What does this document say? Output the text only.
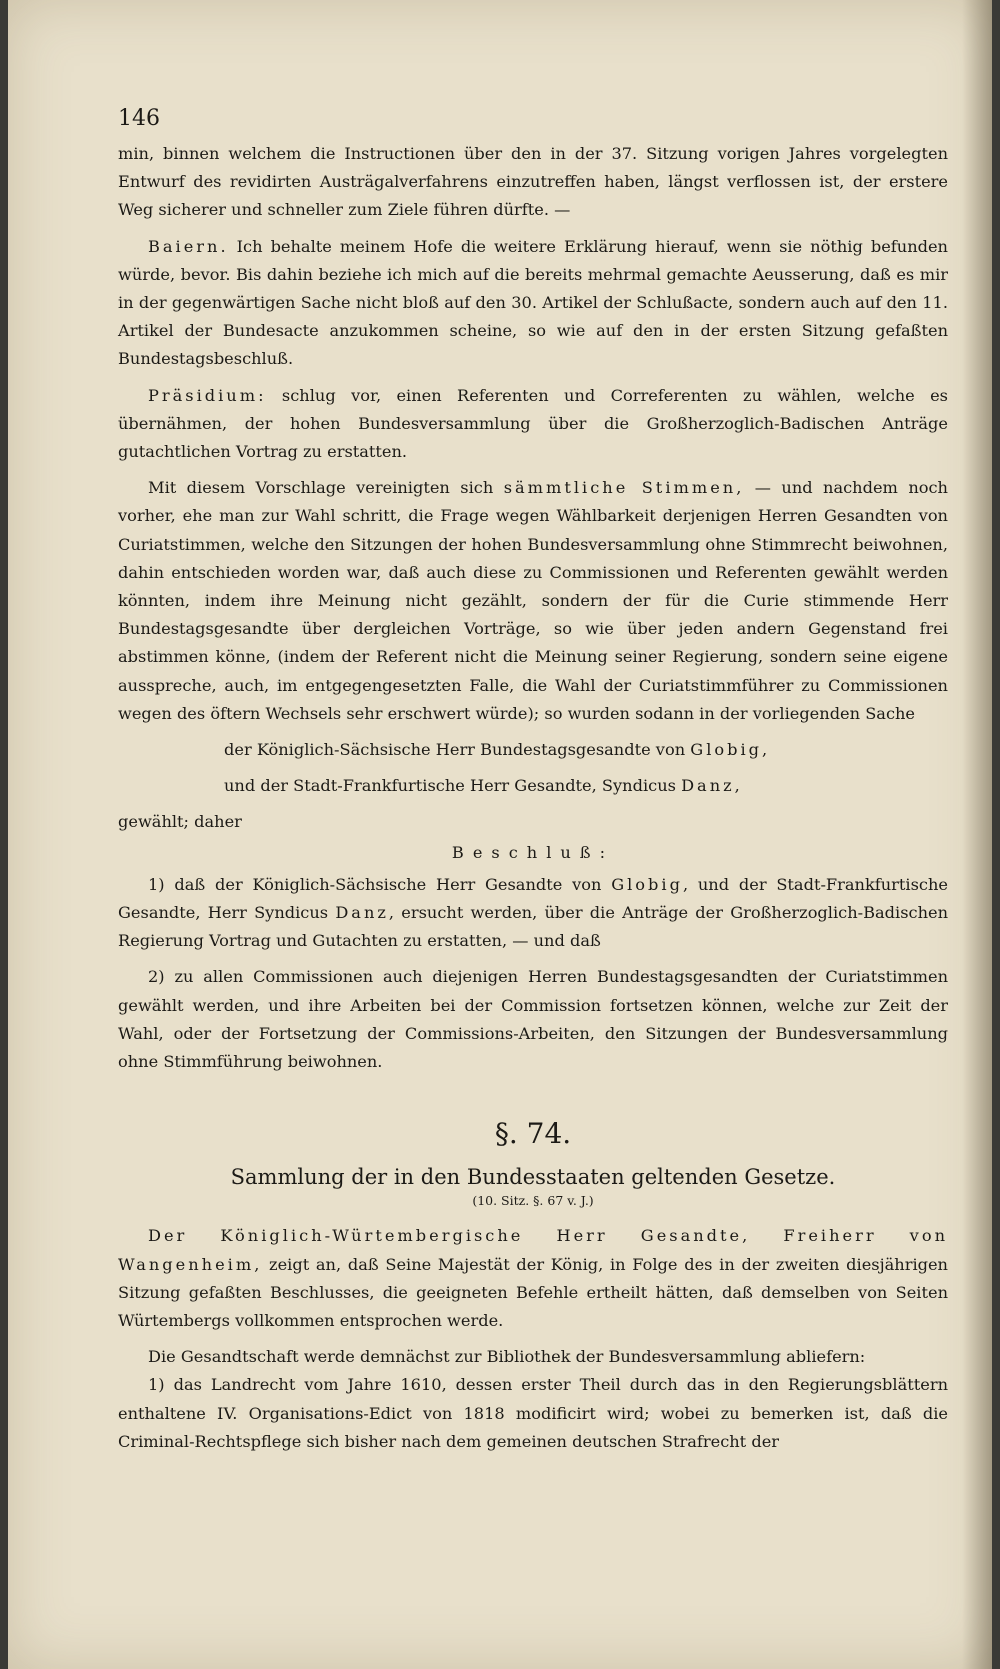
146

min, binnen welchem die Instructionen über den in der 37. Sitzung vorigen Jahres vorgelegten Entwurf des revidirten Austrägalverfahrens einzutreffen haben, längst verflossen ist, der erstere Weg sicherer und schneller zum Ziele führen dürfte. —

Baiern. Ich behalte meinem Hofe die weitere Erklärung hierauf, wenn sie nöthig befunden würde, bevor. Bis dahin beziehe ich mich auf die bereits mehrmal gemachte Aeusserung, daß es mir in der gegenwärtigen Sache nicht bloß auf den 30. Artikel der Schlußacte, sondern auch auf den 11. Artikel der Bundesacte anzukommen scheine, so wie auf den in der ersten Sitzung gefaßten Bundestagsbeschluß.

Präsidium: schlug vor, einen Referenten und Correferenten zu wählen, welche es übernähmen, der hohen Bundesversammlung über die Großherzoglich-Badischen Anträge gutachtlichen Vortrag zu erstatten.

Mit diesem Vorschlage vereinigten sich sämmtliche Stimmen, — und nachdem noch vorher, ehe man zur Wahl schritt, die Frage wegen Wählbarkeit derjenigen Herren Gesandten von Curiatstimmen, welche den Sitzungen der hohen Bundesversammlung ohne Stimmrecht beiwohnen, dahin entschieden worden war, daß auch diese zu Commissionen und Referenten gewählt werden könnten, indem ihre Meinung nicht gezählt, sondern der für die Curie stimmende Herr Bundestagsgesandte über dergleichen Vorträge, so wie über jeden andern Gegenstand frei abstimmen könne, (indem der Referent nicht die Meinung seiner Regierung, sondern seine eigene ausspreche, auch, im entgegengesetzten Falle, die Wahl der Curiatstimmführer zu Commissionen wegen des öftern Wechsels sehr erschwert würde); so wurden sodann in der vorliegenden Sache

der Königlich-Sächsische Herr Bundestagsgesandte von Globig,

und der Stadt-Frankfurtische Herr Gesandte, Syndicus Danz,

gewählt; daher

Beschluß:

1) daß der Königlich-Sächsische Herr Gesandte von Globig, und der Stadt-Frankfurtische Gesandte, Herr Syndicus Danz, ersucht werden, über die Anträge der Großherzoglich-Badischen Regierung Vortrag und Gutachten zu erstatten, — und daß

2) zu allen Commissionen auch diejenigen Herren Bundestagsgesandten der Curiatstimmen gewählt werden, und ihre Arbeiten bei der Commission fortsetzen können, welche zur Zeit der Wahl, oder der Fortsetzung der Commissions-Arbeiten, den Sitzungen der Bundesversammlung ohne Stimmführung beiwohnen.

§. 74.
Sammlung der in den Bundesstaaten geltenden Gesetze.
(10. Sitz. §. 67 v. J.)

Der Königlich-Würtembergische Herr Gesandte, Freiherr von Wangenheim, zeigt an, daß Seine Majestät der König, in Folge des in der zweiten diesjährigen Sitzung gefaßten Beschlusses, die geeigneten Befehle ertheilt hätten, daß demselben von Seiten Würtembergs vollkommen entsprochen werde.

Die Gesandtschaft werde demnächst zur Bibliothek der Bundesversammlung abliefern:

1) das Landrecht vom Jahre 1610, dessen erster Theil durch das in den Regierungsblättern enthaltene IV. Organisations-Edict von 1818 modificirt wird; wobei zu bemerken ist, daß die Criminal-Rechtspflege sich bisher nach dem gemeinen deutschen Strafrecht der
